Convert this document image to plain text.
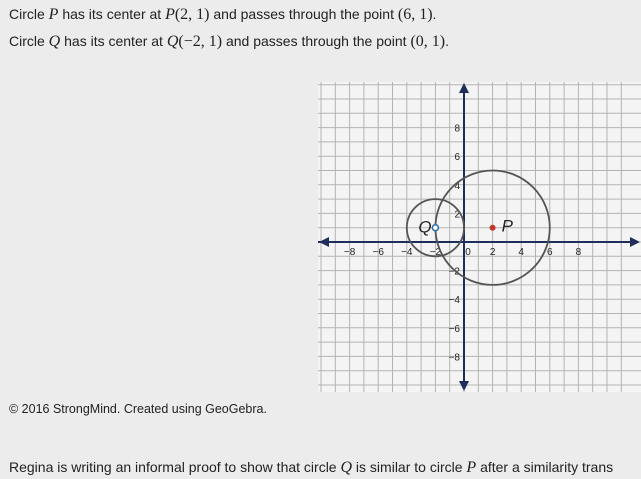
Circle P has its center at P(2, 1) and passes through the point (6, 1).
Circle Q has its center at Q(−2, 1) and passes through the point (0, 1).
−8 −6 −4 −2 0 2 4 6 8
8
6
4
2
−2
−4
−6
−8
P
Q
© 2016 StrongMind. Created using GeoGebra.
Regina is writing an informal proof to show that circle Q is similar to circle P after a similarity trans
